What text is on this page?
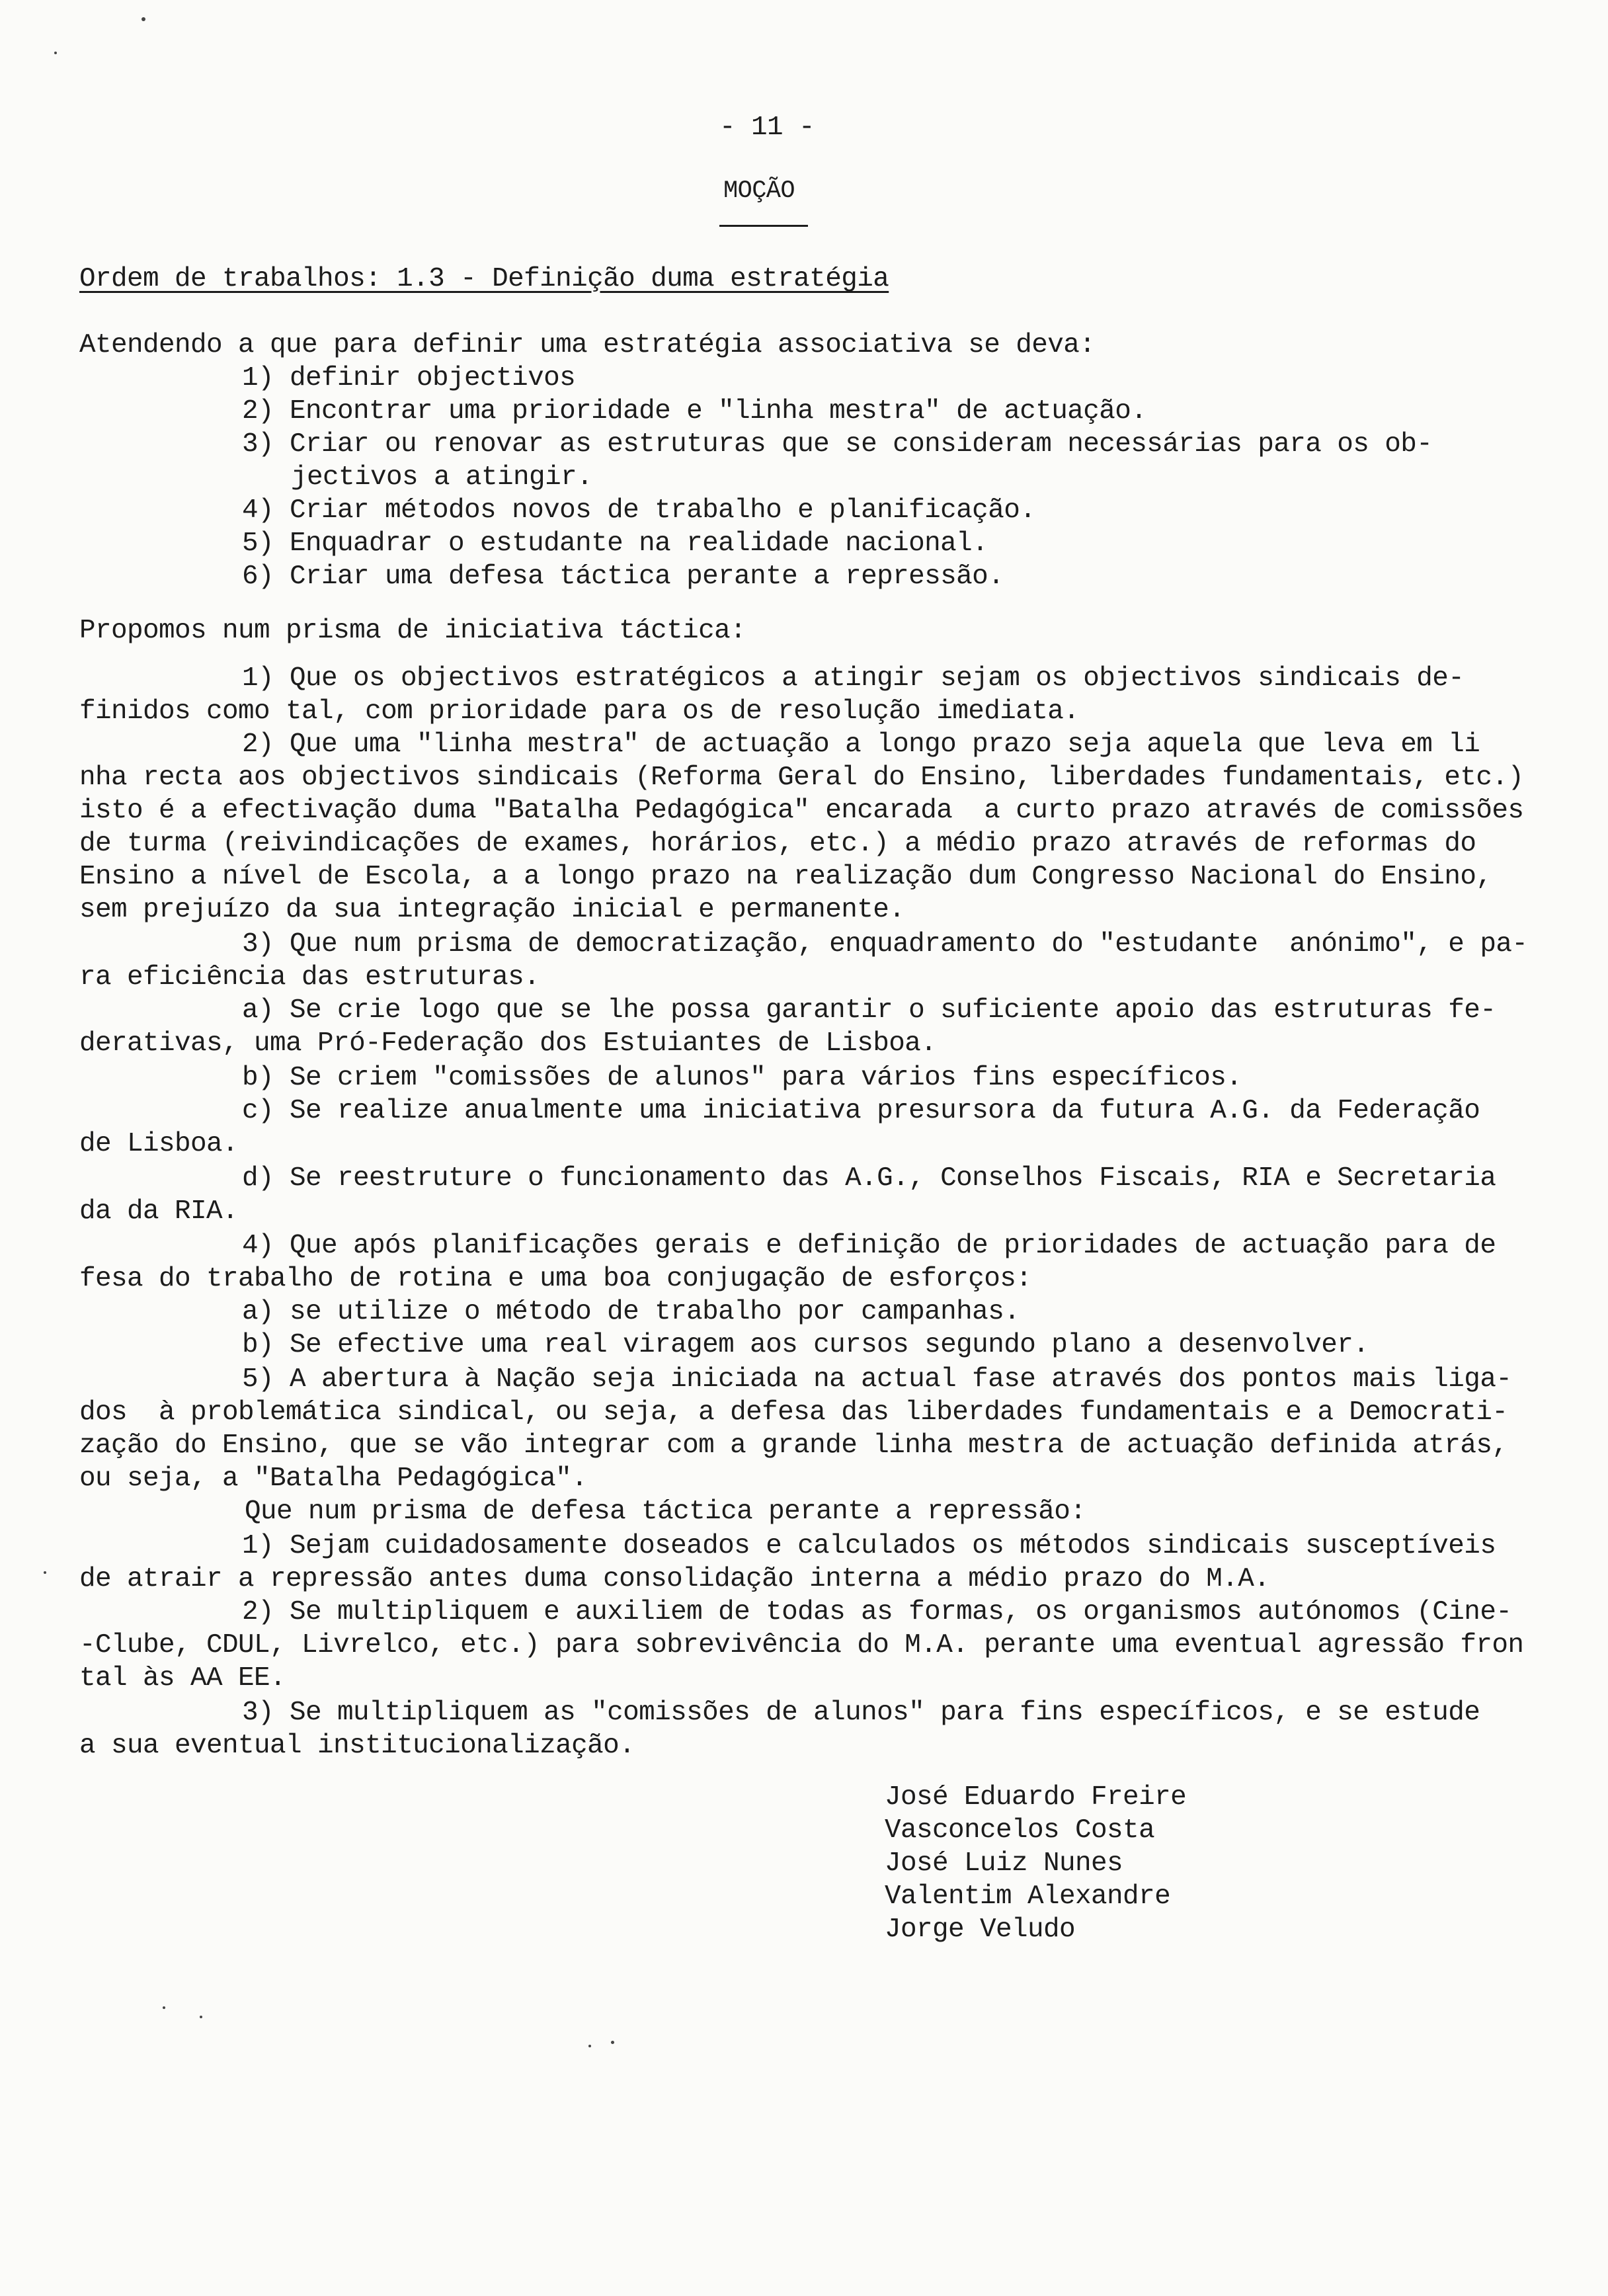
- 11 -
MOÇÃO
Ordem de trabalhos: 1.3 - Definição duma estratégia
Atendendo a que para definir uma estratégia associativa se deva:
1) definir objectivos
2) Encontrar uma prioridade e "linha mestra" de actuação.
3) Criar ou renovar as estruturas que se consideram necessárias para os ob-
jectivos a atingir.
4) Criar métodos novos de trabalho e planificação.
5) Enquadrar o estudante na realidade nacional.
6) Criar uma defesa táctica perante a repressão.
Propomos num prisma de iniciativa táctica:
1) Que os objectivos estratégicos a atingir sejam os objectivos sindicais de-
finidos como tal, com prioridade para os de resolução imediata.
2) Que uma "linha mestra" de actuação a longo prazo seja aquela que leva em li
nha recta aos objectivos sindicais (Reforma Geral do Ensino, liberdades fundamentais, etc.)
isto é a efectivação duma "Batalha Pedagógica" encarada  a curto prazo através de comissões
de turma (reivindicações de exames, horários, etc.) a médio prazo através de reformas do
Ensino a nível de Escola, a a longo prazo na realização dum Congresso Nacional do Ensino,
sem prejuízo da sua integração inicial e permanente.
3) Que num prisma de democratização, enquadramento do "estudante  anónimo", e pa-
ra eficiência das estruturas.
a) Se crie logo que se lhe possa garantir o suficiente apoio das estruturas fe-
derativas, uma Pró-Federação dos Estuiantes de Lisboa.
b) Se criem "comissões de alunos" para vários fins específicos.
c) Se realize anualmente uma iniciativa presursora da futura A.G. da Federação
de Lisboa.
d) Se reestruture o funcionamento das A.G., Conselhos Fiscais, RIA e Secretaria
da da RIA.
4) Que após planificações gerais e definição de prioridades de actuação para de
fesa do trabalho de rotina e uma boa conjugação de esforços:
a) se utilize o método de trabalho por campanhas.
b) Se efective uma real viragem aos cursos segundo plano a desenvolver.
5) A abertura à Nação seja iniciada na actual fase através dos pontos mais liga-
dos  à problemática sindical, ou seja, a defesa das liberdades fundamentais e a Democrati-
zação do Ensino, que se vão integrar com a grande linha mestra de actuação definida atrás,
ou seja, a "Batalha Pedagógica".
Que num prisma de defesa táctica perante a repressão:
1) Sejam cuidadosamente doseados e calculados os métodos sindicais susceptíveis
de atrair a repressão antes duma consolidação interna a médio prazo do M.A.
2) Se multipliquem e auxiliem de todas as formas, os organismos autónomos (Cine-
-Clube, CDUL, Livrelco, etc.) para sobrevivência do M.A. perante uma eventual agressão fron
tal às AA EE.
3) Se multipliquem as "comissões de alunos" para fins específicos, e se estude
a sua eventual institucionalização.
José Eduardo Freire
Vasconcelos Costa
José Luiz Nunes
Valentim Alexandre
Jorge Veludo
